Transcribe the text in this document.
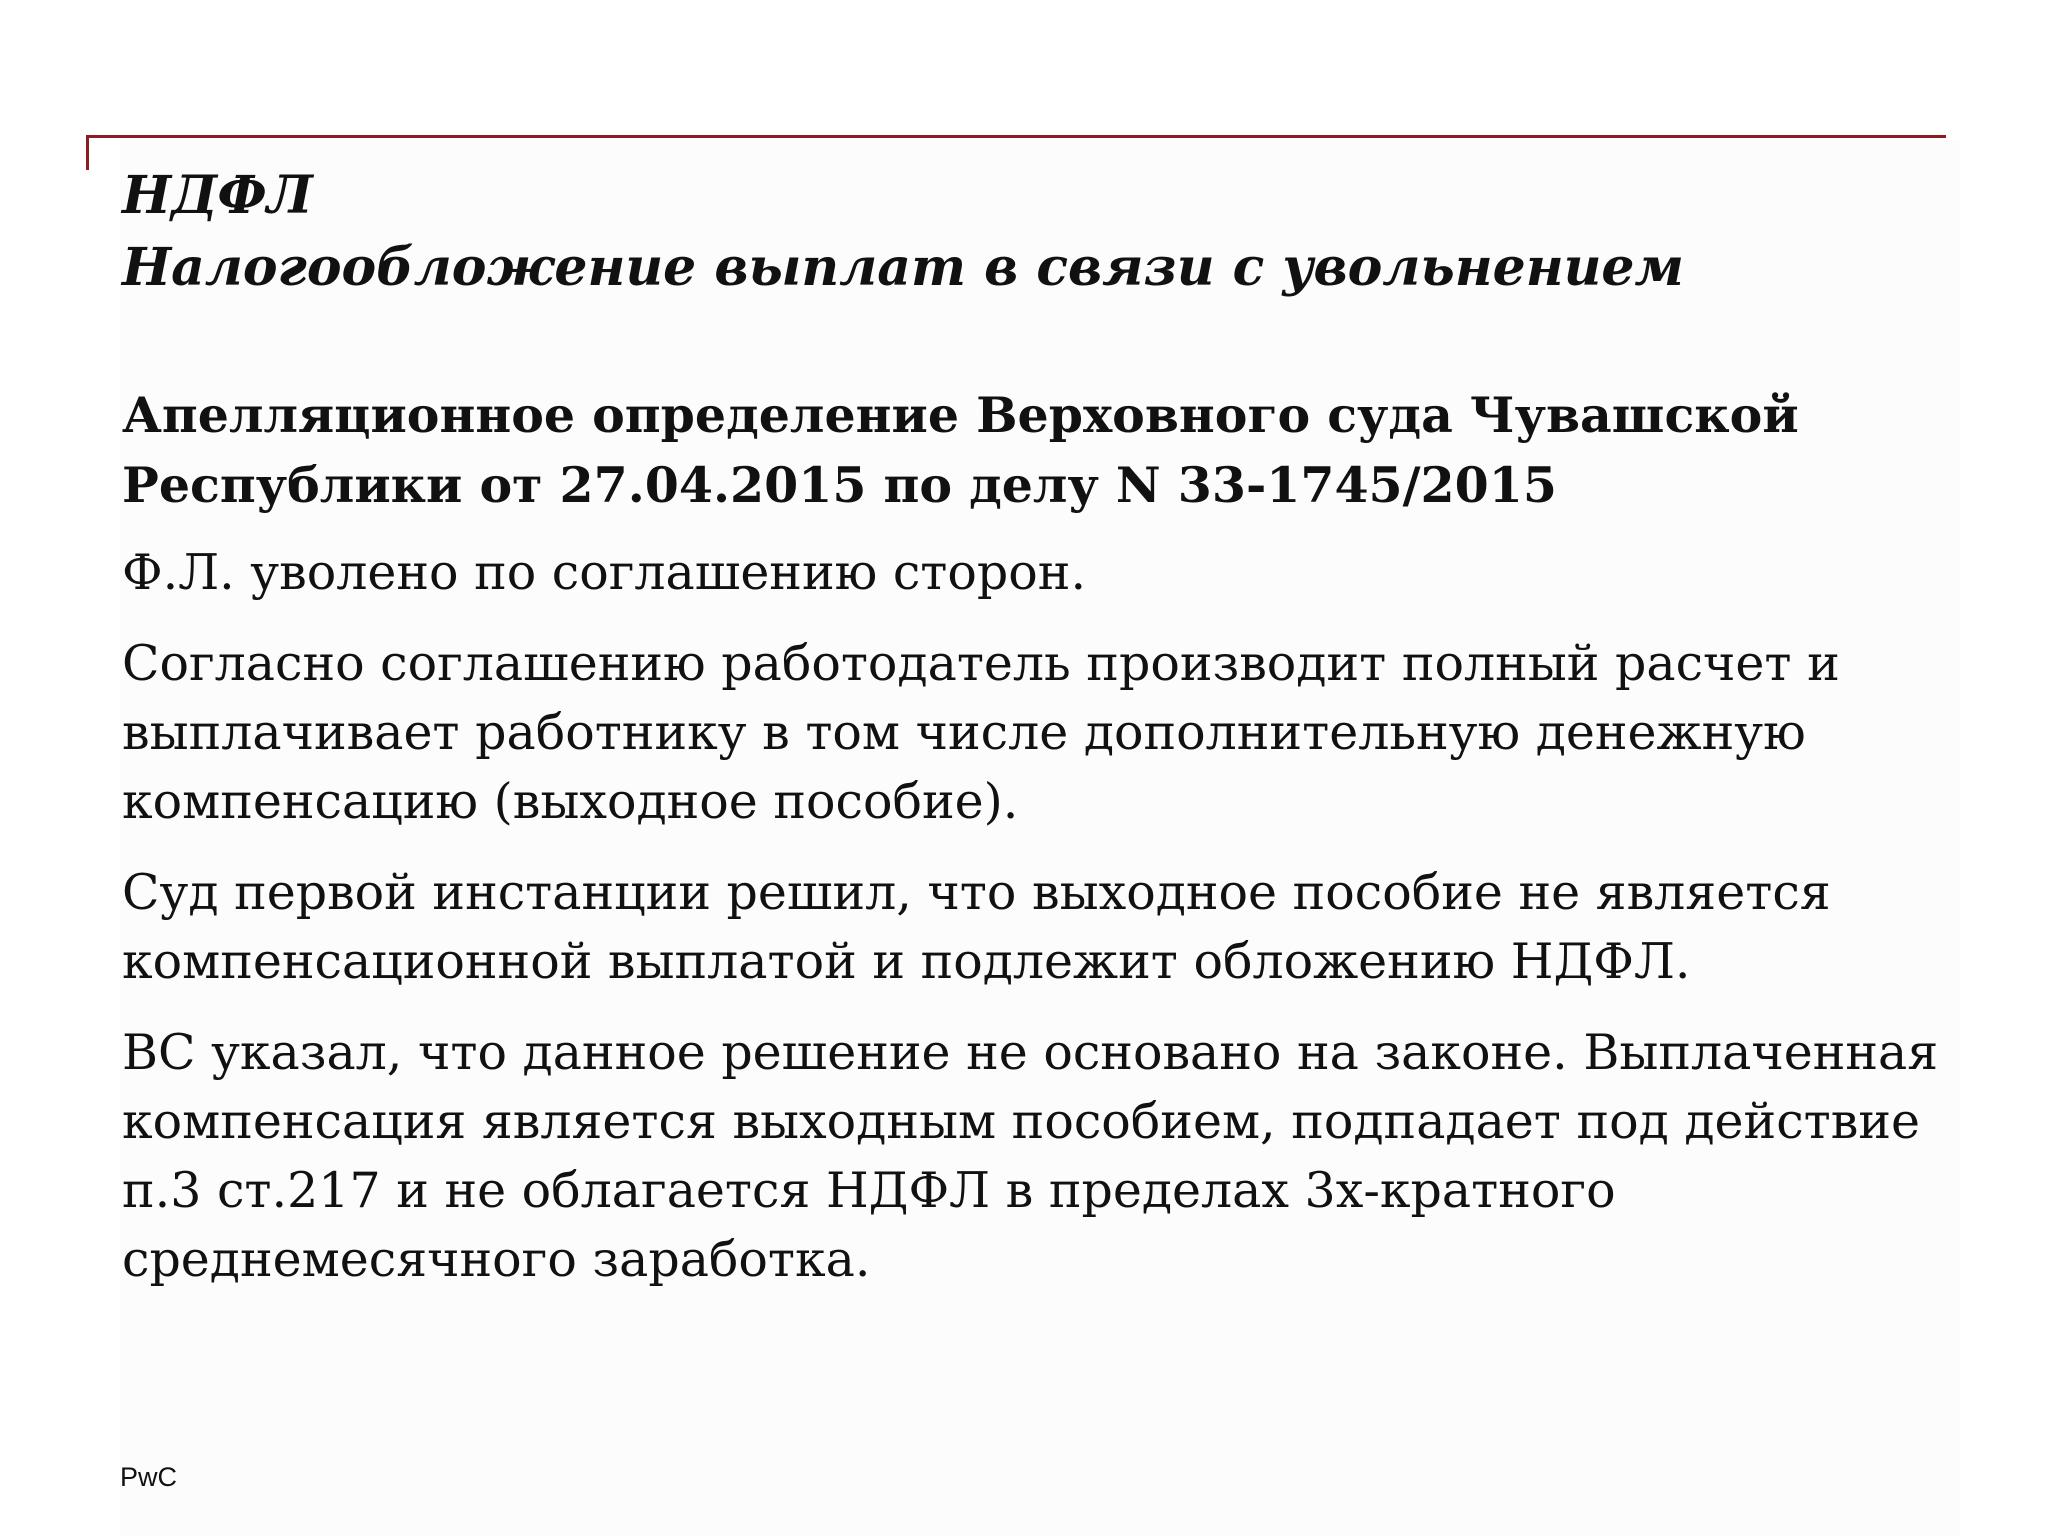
НДФЛ
Налогообложение выплат в связи с увольнением
Апелляционное определение Верховного суда Чувашской Республики от 27.04.2015 по делу N 33-1745/2015

Ф.Л. уволено по соглашению сторон.

Согласно соглашению работодатель производит полный расчет и выплачивает работнику в том числе дополнительную денежную компенсацию (выходное пособие).

Суд первой инстанции решил, что выходное пособие не является компенсационной выплатой и подлежит обложению НДФЛ.

ВС указал, что данное решение не основано на законе. Выплаченная компенсация является выходным пособием, подпадает под действие п.3 ст.217 и не облагается НДФЛ в пределах 3х-кратного среднемесячного заработка.

PwC
